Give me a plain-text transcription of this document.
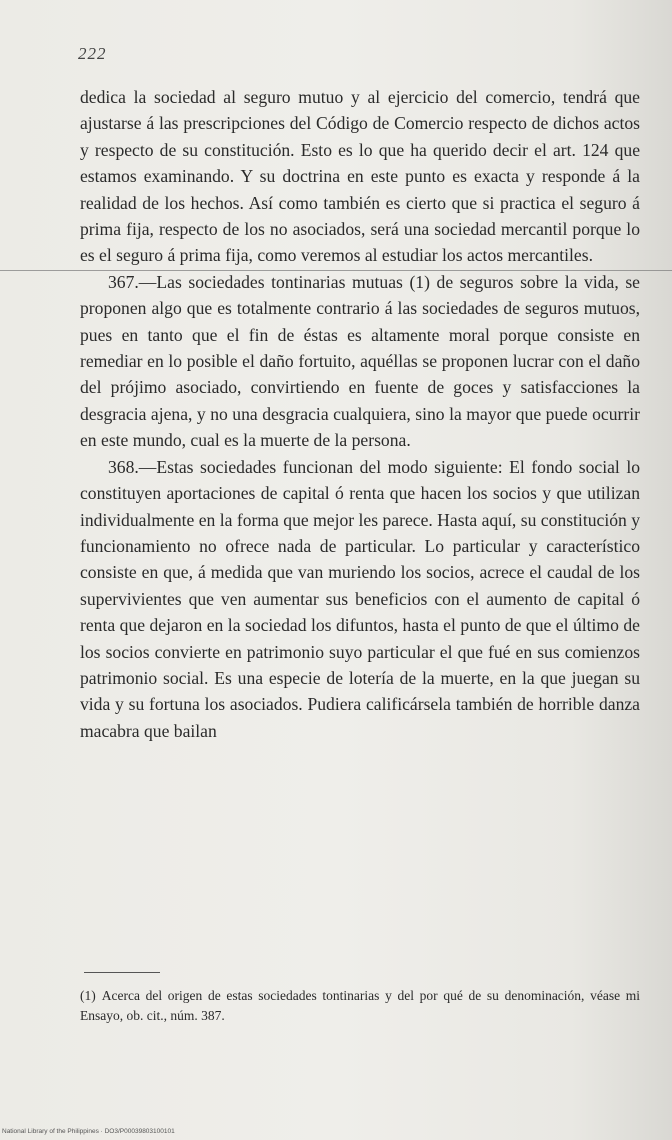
222

dedica la sociedad al seguro mutuo y al ejercicio del comercio, tendrá que ajustarse á las prescripciones del Código de Comercio respecto de dichos actos y respecto de su constitución. Esto es lo que ha querido decir el art. 124 que estamos examinando. Y su doctrina en este punto es exacta y responde á la realidad de los hechos. Así como también es cierto que si practica el seguro á prima fija, respecto de los no asociados, será una sociedad mercantil porque lo es el seguro á prima fija, como veremos al estudiar los actos mercantiles.

367.—Las sociedades tontinarias mutuas (1) de seguros sobre la vida, se proponen algo que es totalmente contrario á las sociedades de seguros mutuos, pues en tanto que el fin de éstas es altamente moral porque consiste en remediar en lo posible el daño fortuito, aquéllas se proponen lucrar con el daño del prójimo asociado, convirtiendo en fuente de goces y satisfacciones la desgracia ajena, y no una desgracia cualquiera, sino la mayor que puede ocurrir en este mundo, cual es la muerte de la persona.

368.—Estas sociedades funcionan del modo siguiente: El fondo social lo constituyen aportaciones de capital ó renta que hacen los socios y que utilizan individualmente en la forma que mejor les parece. Hasta aquí, su constitución y funcionamiento no ofrece nada de particular. Lo particular y característico consiste en que, á medida que van muriendo los socios, acrece el caudal de los supervivientes que ven aumentar sus beneficios con el aumento de capital ó renta que dejaron en la sociedad los difuntos, hasta el punto de que el último de los socios convierte en patrimonio suyo particular el que fué en sus comienzos patrimonio social. Es una especie de lotería de la muerte, en la que juegan su vida y su fortuna los asociados. Pudiera calificársela también de horrible danza macabra que bailan

(1) Acerca del origen de estas sociedades tontinarias y del por qué de su denominación, véase mi Ensayo, ob. cit., núm. 387.
National Library of the Philippines · DO3/P00039803100101
